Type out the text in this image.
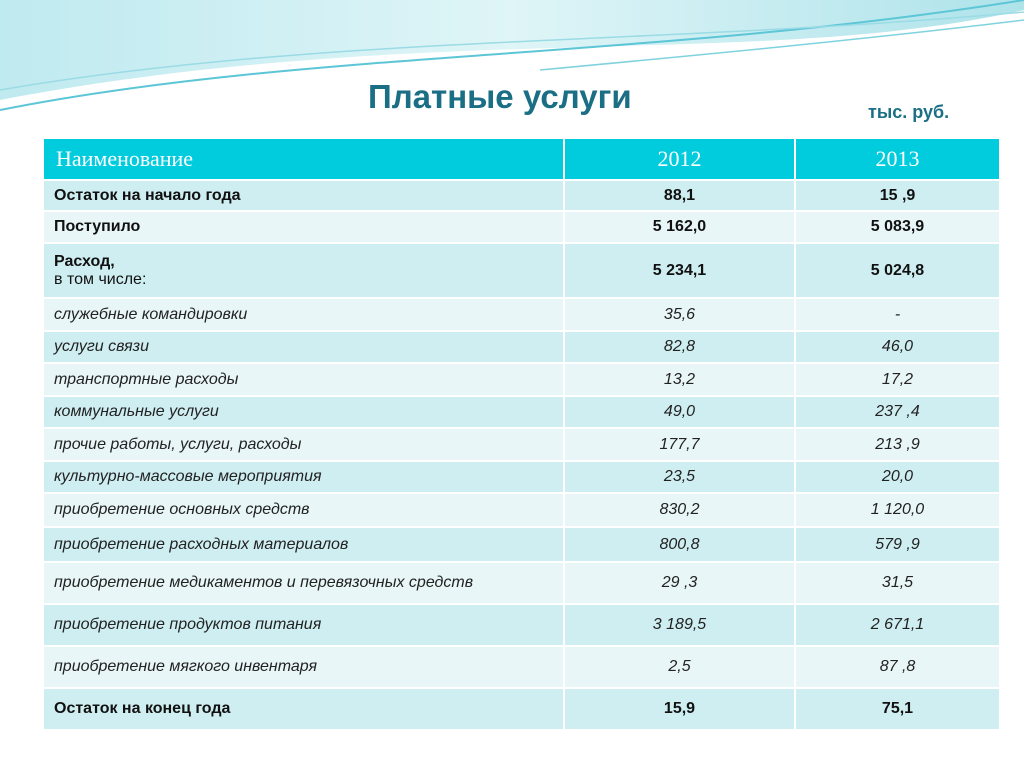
Платные услуги	тыс. руб.
Наименование	2012	2013
Остаток на начало года	88,1	15 ,9
Поступило	5 162,0	5 083,9

Расход,
в том числе:	5 234,1	5 024,8
служебные командировки	35,6	-
услуги связи	82,8	46,0
транспортные расходы	13,2	17,2
коммунальные услуги	49,0	237 ,4
прочие работы, услуги, расходы	177,7	213 ,9
культурно-массовые мероприятия	23,5	20,0
приобретение основных средств	830,2	1 120,0
приобретение расходных материалов	800,8	579 ,9
приобретение медикаментов и перевязочных средств	29 ,3	31,5
приобретение продуктов питания	3 189,5	2 671,1
приобретение мягкого инвентаря	2,5	87 ,8
Остаток на конец года	15,9	75,1
